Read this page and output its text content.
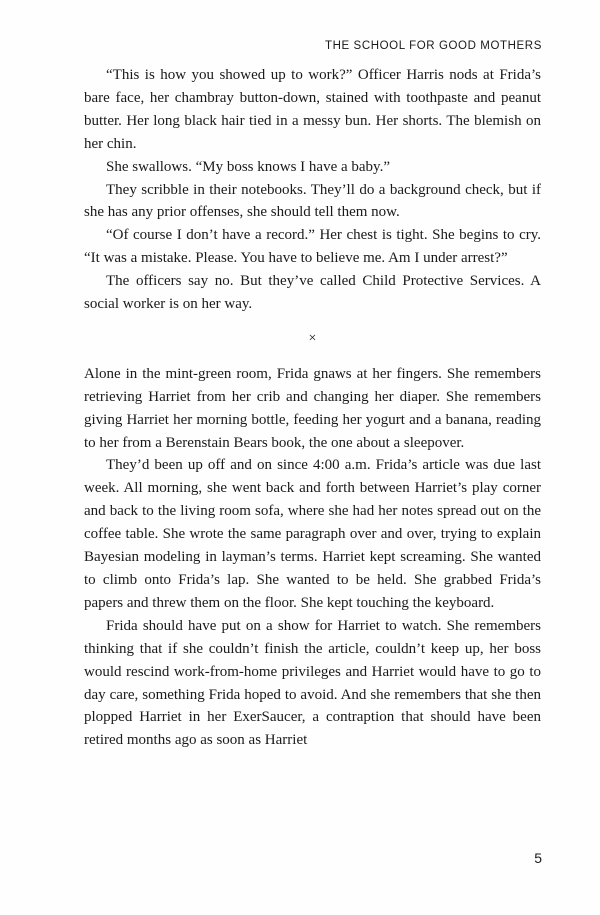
THE SCHOOL FOR GOOD MOTHERS

“This is how you showed up to work?” Officer Harris nods at Frida’s bare face, her chambray button-down, stained with toothpaste and peanut butter. Her long black hair tied in a messy bun. Her shorts. The blemish on her chin.

She swallows. “My boss knows I have a baby.”

They scribble in their notebooks. They’ll do a background check, but if she has any prior offenses, she should tell them now.

“Of course I don’t have a record.” Her chest is tight. She begins to cry. “It was a mistake. Please. You have to believe me. Am I under arrest?”

The officers say no. But they’ve called Child Protective Services. A social worker is on her way.

×

Alone in the mint-green room, Frida gnaws at her fingers. She remembers retrieving Harriet from her crib and changing her diaper. She remembers giving Harriet her morning bottle, feeding her yogurt and a banana, reading to her from a Berenstain Bears book, the one about a sleepover.

They’d been up off and on since 4:00 a.m. Frida’s article was due last week. All morning, she went back and forth between Harriet’s play corner and back to the living room sofa, where she had her notes spread out on the coffee table. She wrote the same paragraph over and over, trying to explain Bayesian modeling in layman’s terms. Harriet kept screaming. She wanted to climb onto Frida’s lap. She wanted to be held. She grabbed Frida’s papers and threw them on the floor. She kept touching the keyboard.

Frida should have put on a show for Harriet to watch. She remembers thinking that if she couldn’t finish the article, couldn’t keep up, her boss would rescind work-from-home privileges and Harriet would have to go to day care, something Frida hoped to avoid. And she remembers that she then plopped Harriet in her ExerSaucer, a contraption that should have been retired months ago as soon as Harriet

5
